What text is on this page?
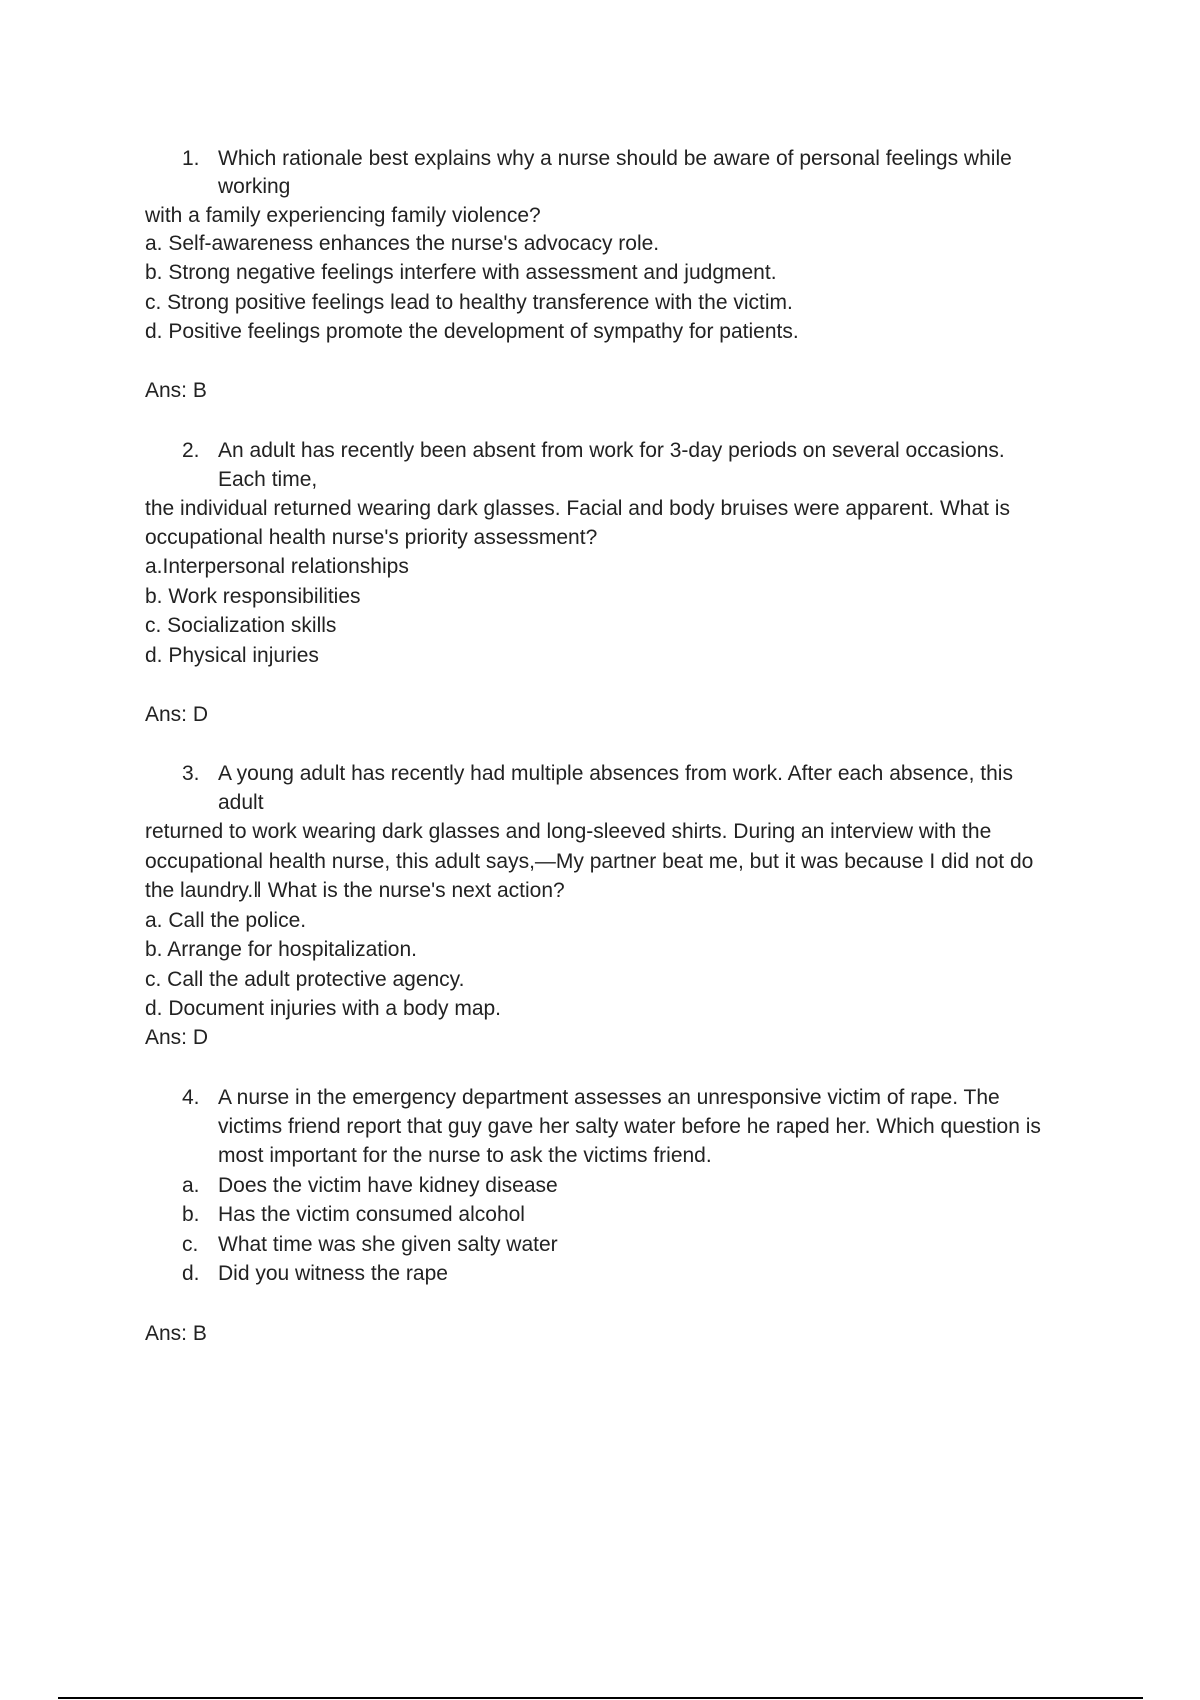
1. Which rationale best explains why a nurse should be aware of personal feelings while
working
with a family experiencing family violence?
a. Self-awareness enhances the nurse's advocacy role.
b. Strong negative feelings interfere with assessment and judgment.
c. Strong positive feelings lead to healthy transference with the victim.
d. Positive feelings promote the development of sympathy for patients.
Ans: B
2. An adult has recently been absent from work for 3-day periods on several occasions.
Each time,
the individual returned wearing dark glasses. Facial and body bruises were apparent. What is
occupational health nurse's priority assessment?
a.Interpersonal relationships
b. Work responsibilities
c. Socialization skills
d. Physical injuries
Ans: D
3. A young adult has recently had multiple absences from work. After each absence, this
adult
returned to work wearing dark glasses and long-sleeved shirts. During an interview with the
occupational health nurse, this adult says,—My partner beat me, but it was because I did not do
the laundry.‖ What is the nurse's next action?
a. Call the police.
b. Arrange for hospitalization.
c. Call the adult protective agency.
d. Document injuries with a body map.
Ans: D
4. A nurse in the emergency department assesses an unresponsive victim of rape. The
victims friend report that guy gave her salty water before he raped her. Which question is
most important for the nurse to ask the victims friend.
a. Does the victim have kidney disease
b. Has the victim consumed alcohol
c. What time was she given salty water
d. Did you witness the rape
Ans: B
